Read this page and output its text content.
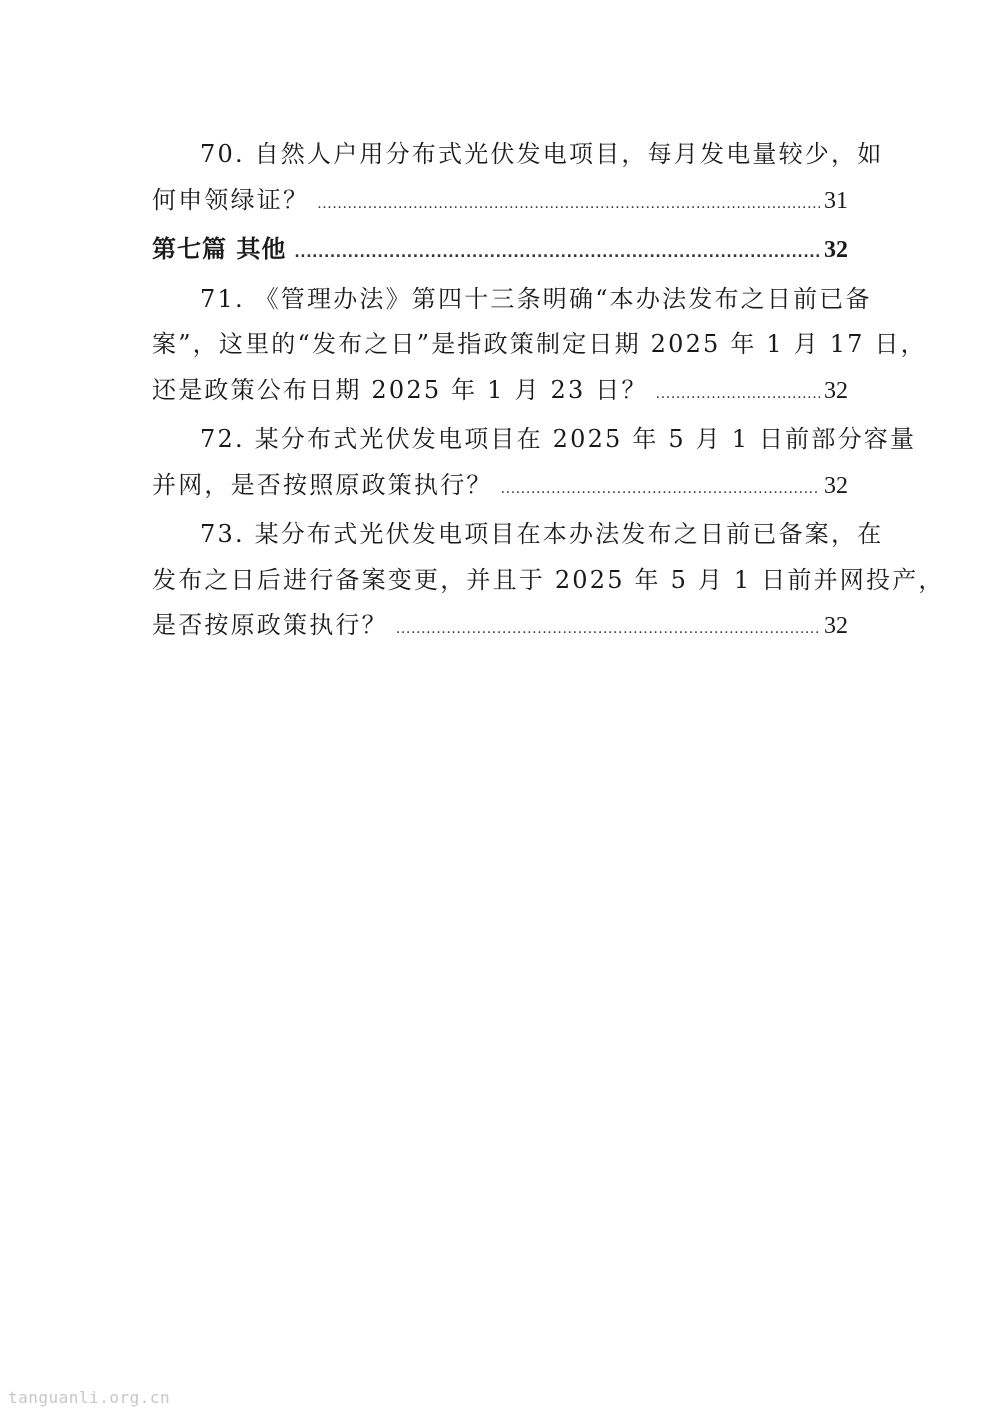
70. 自然人户用分布式光伏发电项目，每月发电量较少，如
何申领绿证？ .....	31
第七篇 其他 .....	32
71. 《管理办法》第四十三条明确“本办法发布之日前已备
案”，这里的“发布之日”是指政策制定日期 2025 年 1 月 17 日，
还是政策公布日期 2025 年 1 月 23 日？ .....	32
72. 某分布式光伏发电项目在 2025 年 5 月 1 日前部分容量
并网，是否按照原政策执行？ .....	32
73. 某分布式光伏发电项目在本办法发布之日前已备案，在
发布之日后进行备案变更，并且于 2025 年 5 月 1 日前并网投产，
是否按原政策执行？ .....	32
tanguanli.org.cn
